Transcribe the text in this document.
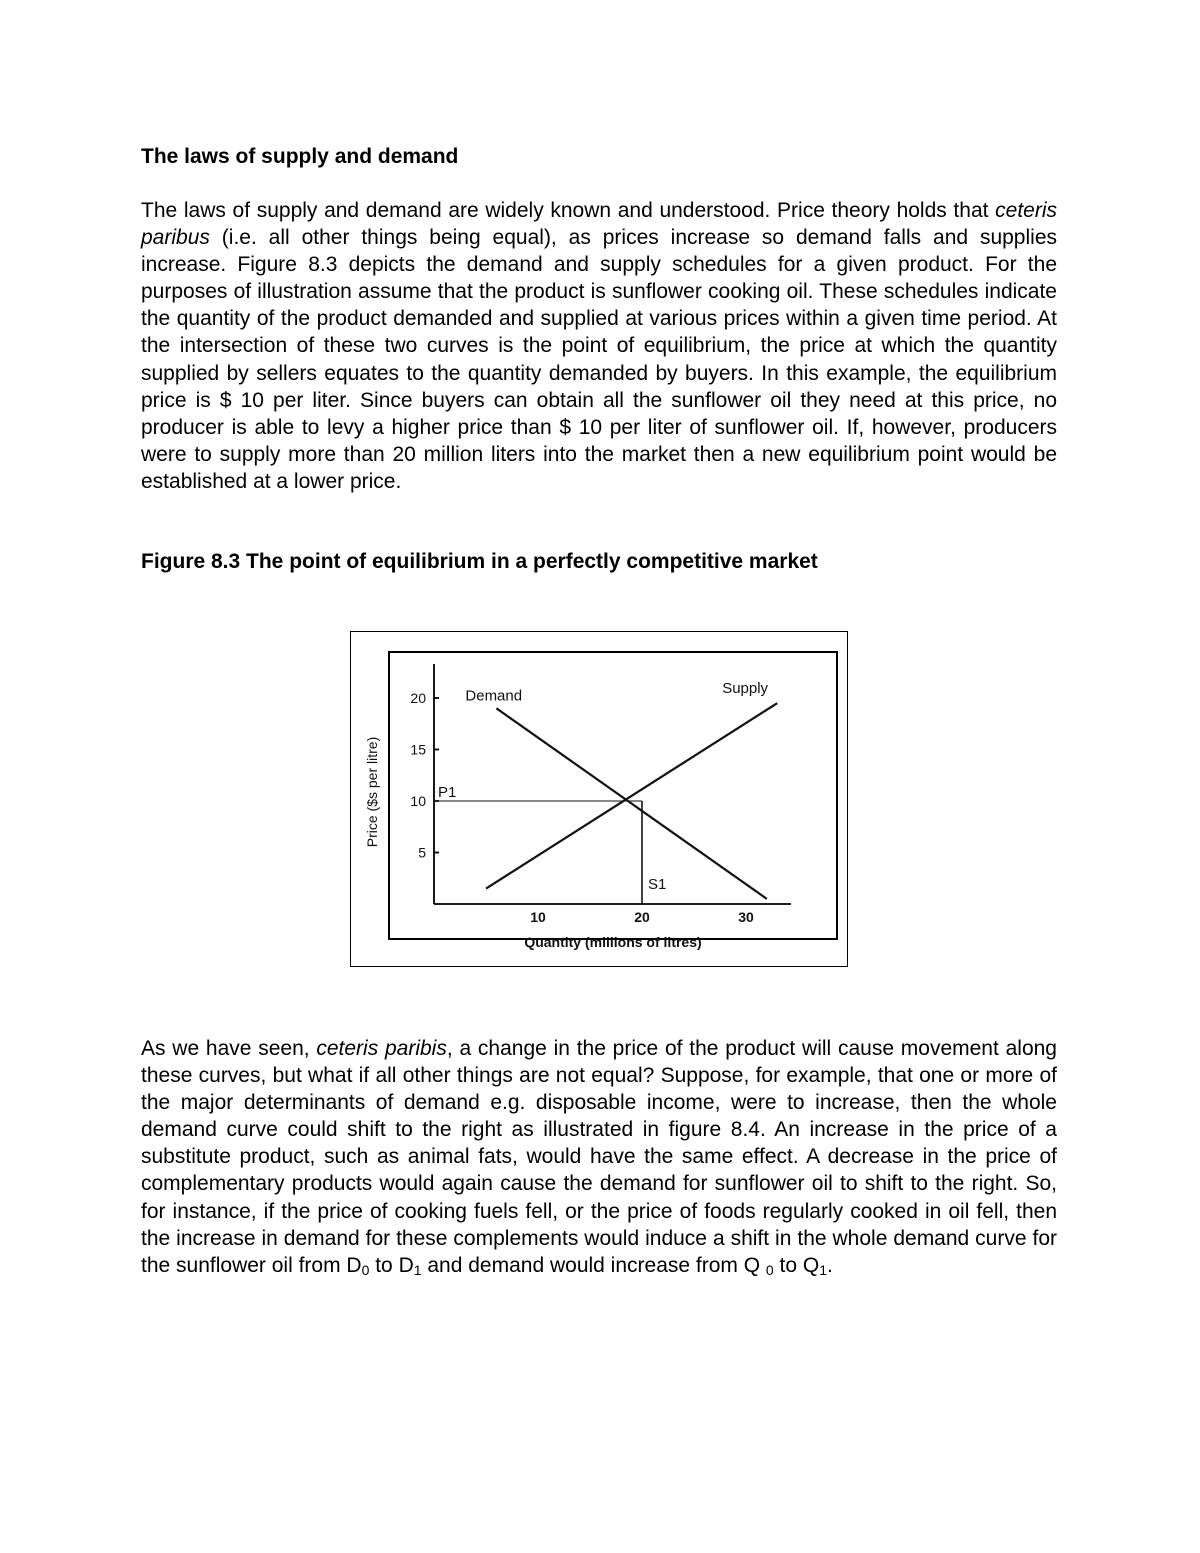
The laws of supply and demand

The laws of supply and demand are widely known and understood. Price theory holds that ceteris paribus (i.e. all other things being equal), as prices increase so demand falls and supplies increase. Figure 8.3 depicts the demand and supply schedules for a given product. For the purposes of illustration assume that the product is sunflower cooking oil. These schedules indicate the quantity of the product demanded and supplied at various prices within a given time period. At the intersection of these two curves is the point of equilibrium, the price at which the quantity supplied by sellers equates to the quantity demanded by buyers. In this example, the equilibrium price is $ 10 per liter. Since buyers can obtain all the sunflower oil they need at this price, no producer is able to levy a higher price than $ 10 per liter of sunflower oil. If, however, producers were to supply more than 20 million liters into the market then a new equilibrium point would be established at a lower price.

Figure 8.3 The point of equilibrium in a perfectly competitive market

5
10
15
20
10	20	30
Demand	Supply
Price ($s per litre)
Quantity (millions of litres)
P1
S1

As we have seen, ceteris paribis, a change in the price of the product will cause movement along these curves, but what if all other things are not equal? Suppose, for example, that one or more of the major determinants of demand e.g. disposable income, were to increase, then the whole demand curve could shift to the right as illustrated in figure 8.4. An increase in the price of a substitute product, such as animal fats, would have the same effect. A decrease in the price of complementary products would again cause the demand for sunflower oil to shift to the right. So, for instance, if the price of cooking fuels fell, or the price of foods regularly cooked in oil fell, then the increase in demand for these complements would induce a shift in the whole demand curve for the sunflower oil from $D_0$ to $D_1$ and demand would increase from Q $_0$ to $Q_1$.
